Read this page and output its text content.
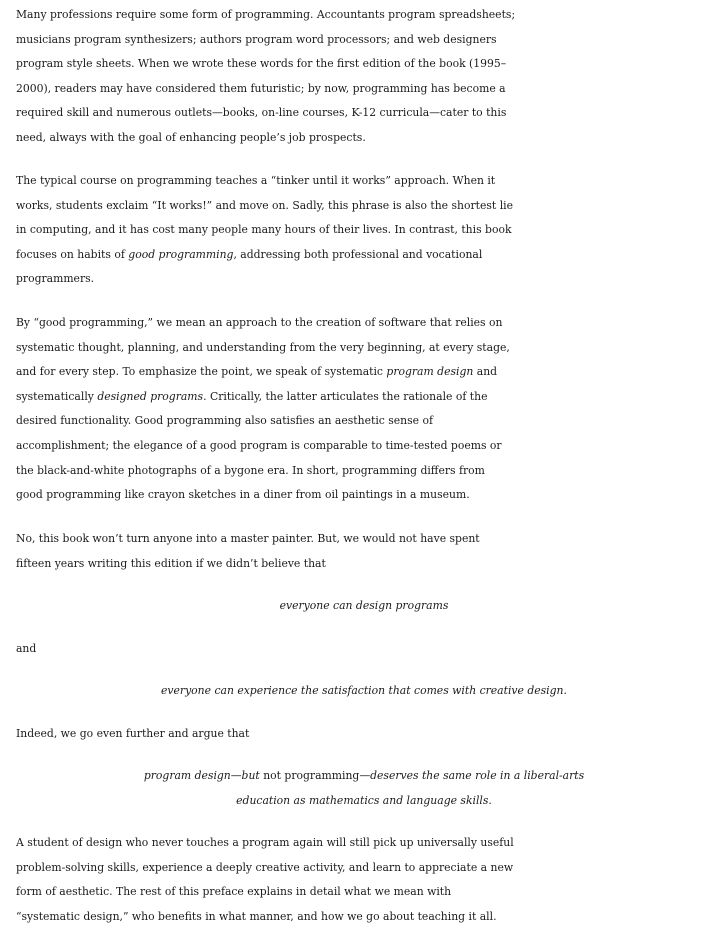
Many professions require some form of programming. Accountants program spreadsheets;
musicians program synthesizers; authors program word processors; and web designers
program style sheets. When we wrote these words for the first edition of the book (1995–
2000), readers may have considered them futuristic; by now, programming has become a
required skill and numerous outlets—books, on-line courses, K-12 curricula—cater to this
need, always with the goal of enhancing people’s job prospects.

The typical course on programming teaches a “tinker until it works” approach. When it
works, students exclaim “It works!” and move on. Sadly, this phrase is also the shortest lie
in computing, and it has cost many people many hours of their lives. In contrast, this book
focuses on habits of good programming, addressing both professional and vocational
programmers.

By “good programming,” we mean an approach to the creation of software that relies on
systematic thought, planning, and understanding from the very beginning, at every stage,
and for every step. To emphasize the point, we speak of systematic program design and
systematically designed programs. Critically, the latter articulates the rationale of the
desired functionality. Good programming also satisfies an aesthetic sense of
accomplishment; the elegance of a good program is comparable to time-tested poems or
the black-and-white photographs of a bygone era. In short, programming differs from
good programming like crayon sketches in a diner from oil paintings in a museum.

No, this book won’t turn anyone into a master painter. But, we would not have spent
fifteen years writing this edition if we didn’t believe that

everyone can design programs

and

everyone can experience the satisfaction that comes with creative design.

Indeed, we go even further and argue that

program design—but not programming—deserves the same role in a liberal-arts
education as mathematics and language skills.

A student of design who never touches a program again will still pick up universally useful
problem-solving skills, experience a deeply creative activity, and learn to appreciate a new
form of aesthetic. The rest of this preface explains in detail what we mean with
“systematic design,” who benefits in what manner, and how we go about teaching it all.
